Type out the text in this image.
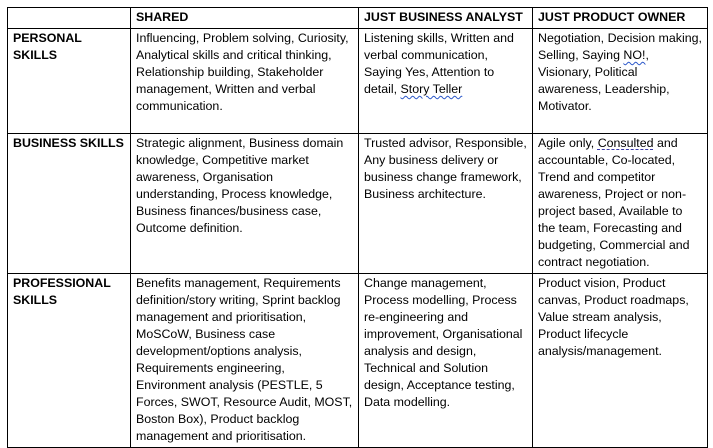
	SHARED	JUST BUSINESS ANALYST	JUST PRODUCT OWNER
PERSONAL SKILLS	Influencing, Problem solving, Curiosity, Analytical skills and critical thinking, Relationship building, Stakeholder management, Written and verbal communication.	Listening skills, Written and verbal communication, Saying Yes, Attention to detail, Story Teller	Negotiation, Decision making, Selling, Saying NO!, Visionary, Political awareness, Leadership, Motivator.
BUSINESS SKILLS	Strategic alignment, Business domain knowledge, Competitive market awareness, Organisation understanding, Process knowledge, Business finances/business case, Outcome definition.	Trusted advisor, Responsible, Any business delivery or business change framework, Business architecture.	Agile only, Consulted and accountable, Co-located, Trend and competitor awareness, Project or non-project based, Available to the team, Forecasting and budgeting, Commercial and contract negotiation.
PROFESSIONAL SKILLS	Benefits management, Requirements definition/story writing, Sprint backlog management and prioritisation, MoSCoW, Business case development/options analysis, Requirements engineering, Environment analysis (PESTLE, 5 Forces, SWOT, Resource Audit, MOST, Boston Box), Product backlog management and prioritisation.	Change management, Process modelling, Process re-engineering and improvement, Organisational analysis and design, Technical and Solution design, Acceptance testing, Data modelling.	Product vision, Product canvas, Product roadmaps, Value stream analysis, Product lifecycle analysis/management.
